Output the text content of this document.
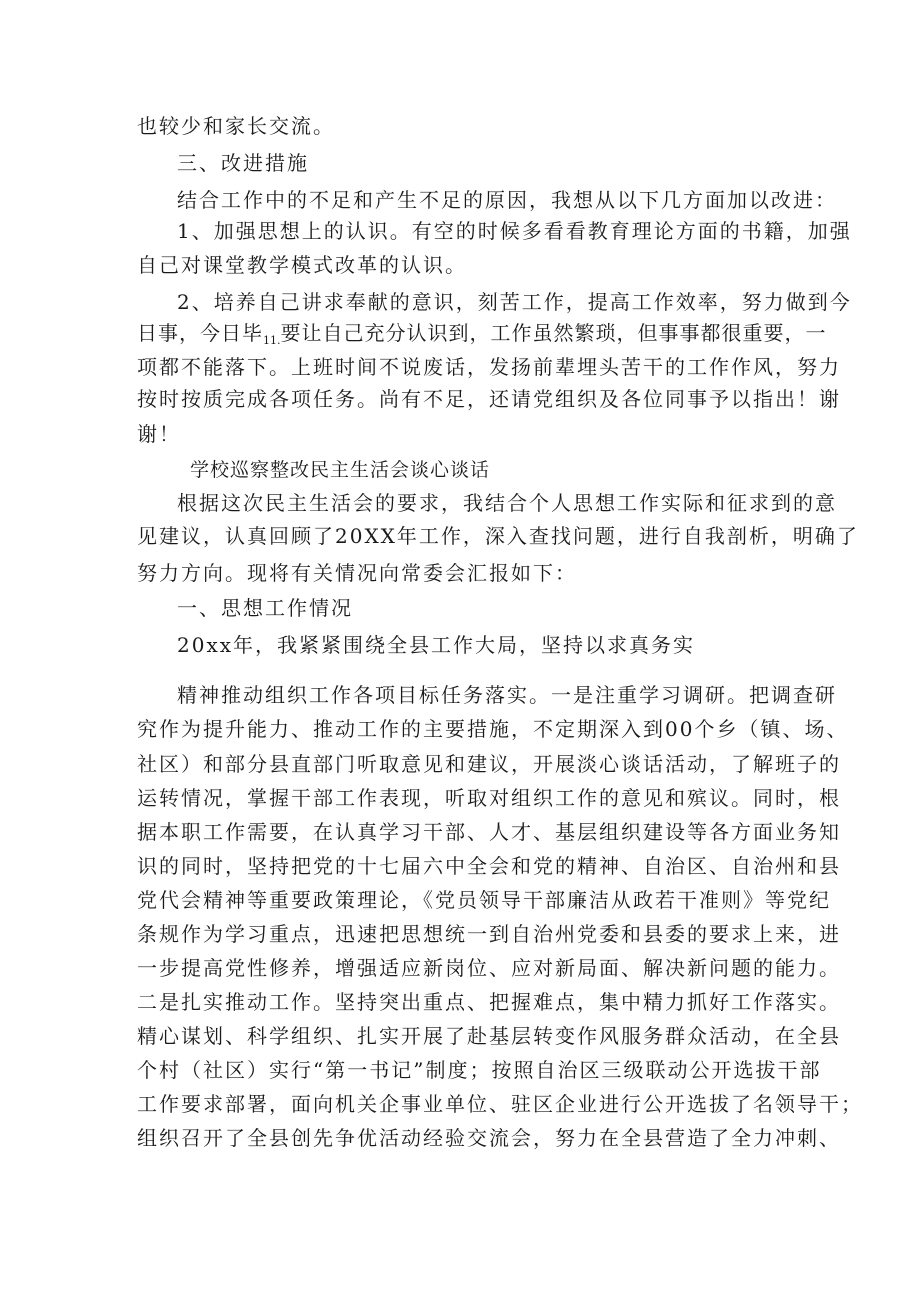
也较少和家长交流。
三、改进措施
结合工作中的不足和产生不足的原因，我想从以下几方面加以改进：
1、加强思想上的认识。有空的时候多看看教育理论方面的书籍，加强
自己对课堂教学模式改革的认识。
2、培养自己讲求奉献的意识，刻苦工作，提高工作效率，努力做到今
日事，今日毕$_{11.}$要让自己充分认识到，工作虽然繁琐，但事事都很重要，一
项都不能落下。上班时间不说废话，发扬前辈埋头苦干的工作作风，努力
按时按质完成各项任务。尚有不足，还请党组织及各位同事予以指出！谢
谢！
学校巡察整改民主生活会谈心谈话
根据这次民主生活会的要求，我结合个人思想工作实际和征求到的意
见建议，认真回顾了20XX年工作，深入查找问题，进行自我剖析，明确了
努力方向。现将有关情况向常委会汇报如下：
一、思想工作情况
20xx年，我紧紧围绕全县工作大局，坚持以求真务实
精神推动组织工作各项目标任务落实。一是注重学习调研。把调查研
究作为提升能力、推动工作的主要措施，不定期深入到00个乡（镇、场、
社区）和部分县直部门听取意见和建议，开展淡心谈话活动，了解班子的
运转情况，掌握干部工作表现，听取对组织工作的意见和殡议。同时，根
据本职工作需要，在认真学习干部、人才、基层组织建设等各方面业务知
识的同时，坚持把党的十七届六中全会和党的精神、自治区、自治州和县
党代会精神等重要政策理论，《党员领导干部廉洁从政若干准则》等党纪
条规作为学习重点，迅速把思想统一到自治州党委和县委的要求上来，进
一步提高党性修养，增强适应新岗位、应对新局面、解决新问题的能力。
二是扎实推动工作。坚持突出重点、把握难点，集中精力抓好工作落实。
精心谋划、科学组织、扎实开展了赴基层转变作风服务群众活动，在全县
个村（社区）实行“第一书记”制度；按照自治区三级联动公开选拔干部
工作要求部署，面向机关企事业单位、驻区企业进行公开选拔了名领导干；
组织召开了全县创先争优活动经验交流会，努力在全县营造了全力冲刺、
